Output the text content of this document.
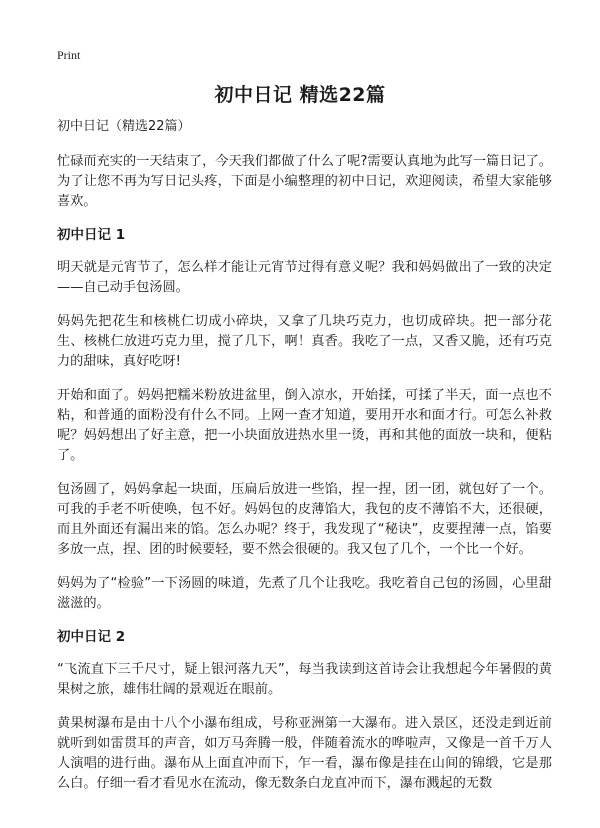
Print
初中日记 精选22篇

初中日记（精选22篇）

忙碌而充实的一天结束了，今天我们都做了什么了呢?需要认真地为此写一篇日记了。为了让您不再为写日记头疼，下面是小编整理的初中日记，欢迎阅读，希望大家能够喜欢。

初中日记 1

明天就是元宵节了，怎么样才能让元宵节过得有意义呢？我和妈妈做出了一致的决定——自己动手包汤圆。

妈妈先把花生和核桃仁切成小碎块，又拿了几块巧克力，也切成碎块。把一部分花生、核桃仁放进巧克力里，搅了几下，啊！真香。我吃了一点，又香又脆，还有巧克力的甜味，真好吃呀!

开始和面了。妈妈把糯米粉放进盆里，倒入凉水，开始揉，可揉了半天，面一点也不粘，和普通的面粉没有什么不同。上网一查才知道，要用开水和面才行。可怎么补救呢？妈妈想出了好主意，把一小块面放进热水里一烫，再和其他的面放一块和，便粘了。

包汤圆了，妈妈拿起一块面，压扁后放进一些馅，捏一捏，团一团，就包好了一个。可我的手老不听使唤，包不好。妈妈包的皮薄馅大，我包的皮不薄馅不大，还很硬，而且外面还有漏出来的馅。怎么办呢？终于，我发现了“秘诀”，皮要捏薄一点，馅要多放一点，捏、团的时候要轻，要不然会很硬的。我又包了几个，一个比一个好。

妈妈为了“检验”一下汤圆的味道，先煮了几个让我吃。我吃着自己包的汤圆，心里甜滋滋的。

初中日记 2

“飞流直下三千尺寸，疑上银河落九天”，每当我读到这首诗会让我想起今年暑假的黄果树之旅，雄伟壮阔的景观近在眼前。

黄果树瀑布是由十八个小瀑布组成，号称亚洲第一大瀑布。进入景区，还没走到近前就听到如雷贯耳的声音，如万马奔腾一般，伴随着流水的哗啦声，又像是一首千万人人演唱的进行曲。瀑布从上面直冲而下，乍一看，瀑布像是挂在山间的锦缎，它是那么白。仔细一看才看见水在流动，像无数条白龙直冲而下，瀑布溅起的无数
